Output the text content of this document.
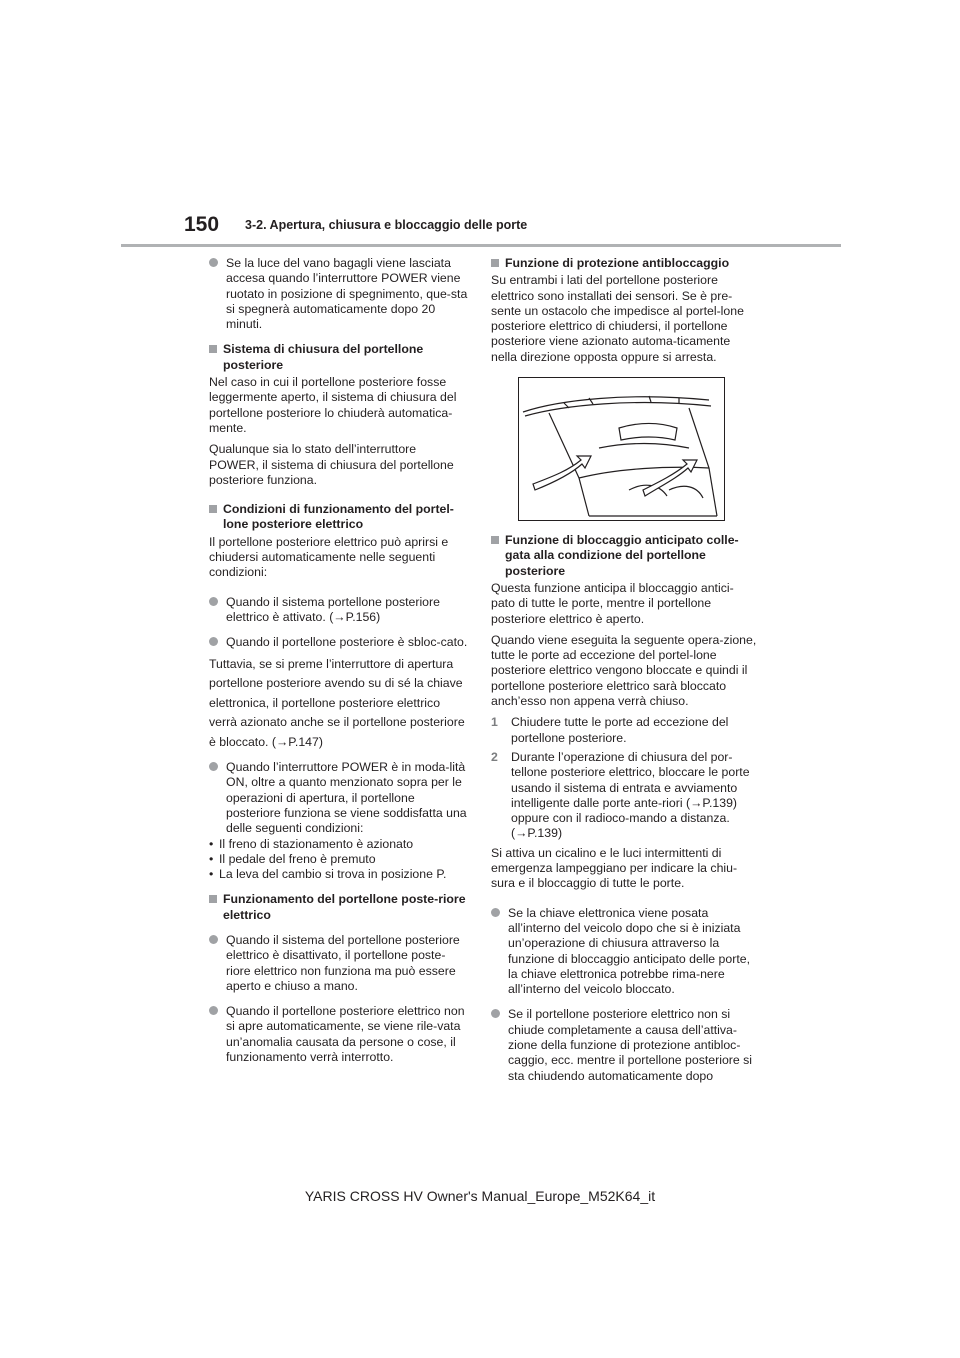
150 3-2. Apertura, chiusura e bloccaggio delle porte
Se la luce del vano bagagli viene lasciata accesa quando l’interruttore POWER viene ruotato in posizione di spegnimento, que-sta si spegnerà automaticamente dopo 20 minuti.
Sistema di chiusura del portellone posteriore

Nel caso in cui il portellone posteriore fosse leggermente aperto, il sistema di chiusura del portellone posteriore lo chiuderà automatica-mente.

Qualunque sia lo stato dell’interruttore POWER, il sistema di chiusura del portellone posteriore funziona.

Condizioni di funzionamento del portel-lone posteriore elettrico

Il portellone posteriore elettrico può aprirsi e chiudersi automaticamente nelle seguenti condizioni:

Quando il sistema portellone posteriore elettrico è attivato. (→P.156)
Quando il portellone posteriore è sbloc-cato.

Tuttavia, se si preme l’interruttore di apertura portellone posteriore avendo su di sé la chiave elettronica, il portellone posteriore elettrico verrà azionato anche se il portellone posteriore è bloccato. (→P.147)

Quando l’interruttore POWER è in moda-lità ON, oltre a quanto menzionato sopra per le operazioni di apertura, il portellone posteriore funziona se viene soddisfatta una delle seguenti condizioni:
• Il freno di stazionamento è azionato
• Il pedale del freno è premuto
• La leva del cambio si trova in posizione P.
Funzionamento del portellone poste-riore elettrico
Quando il sistema del portellone posteriore elettrico è disattivato, il portellone poste-riore elettrico non funziona ma può essere aperto e chiuso a mano.
Quando il portellone posteriore elettrico non si apre automaticamente, se viene rile-vata un’anomalia causata da persone o cose, il funzionamento verrà interrotto.
Funzione di protezione antibloccaggio

Su entrambi i lati del portellone posteriore elettrico sono installati dei sensori. Se è pre-sente un ostacolo che impedisce al portel-lone posteriore elettrico di chiudersi, il portellone posteriore viene azionato automa-ticamente nella direzione opposta oppure si arresta.

Funzione di bloccaggio anticipato colle-gata alla condizione del portellone posteriore

Questa funzione anticipa il bloccaggio antici-pato di tutte le porte, mentre il portellone posteriore elettrico è aperto.

Quando viene eseguita la seguente opera-zione, tutte le porte ad eccezione del portel-lone posteriore elettrico vengono bloccate e quindi il portellone posteriore elettrico sarà bloccato anch’esso non appena verrà chiuso.

1 Chiudere tutte le porte ad eccezione del portellone posteriore.
2 Durante l’operazione di chiusura del por-tellone posteriore elettrico, bloccare le porte usando il sistema di entrata e avviamento intelligente dalle porte ante-riori (→P.139) oppure con il radioco-mando a distanza. (→P.139)

Si attiva un cicalino e le luci intermittenti di emergenza lampeggiano per indicare la chiu-sura e il bloccaggio di tutte le porte.

Se la chiave elettronica viene posata all’interno del veicolo dopo che si è iniziata un’operazione di chiusura attraverso la funzione di bloccaggio anticipato delle porte, la chiave elettronica potrebbe rima-nere all’interno del veicolo bloccato.
Se il portellone posteriore elettrico non si chiude completamente a causa dell’attiva-zione della funzione di protezione antibloc-caggio, ecc. mentre il portellone posteriore si sta chiudendo automaticamente dopo
YARIS CROSS HV Owner's Manual_Europe_M52K64_it
